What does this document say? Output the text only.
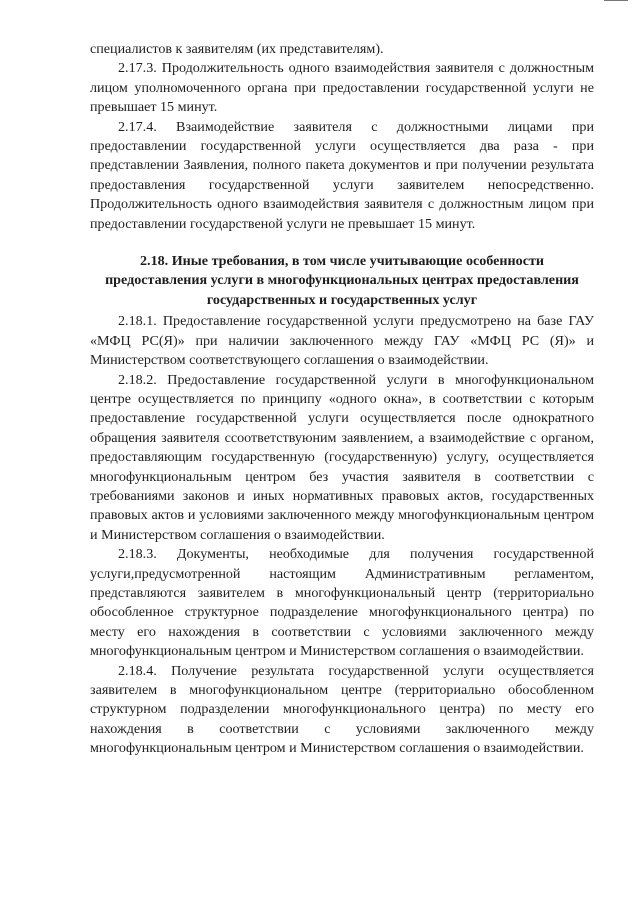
специалистов к заявителям (их представителям).

2.17.3. Продолжительность одного взаимодействия заявителя с должностным лицом уполномоченного органа при предоставлении государственной услуги не превышает 15 минут.

2.17.4. Взаимодействие заявителя с должностными лицами при предоставлении государственной услуги осуществляется два раза - при представлении Заявления, полного пакета документов и при получении результата предоставления государственной услуги заявителем непосредственно. Продолжительность одного взаимодействия заявителя с должностным лицом при предоставлении государственой услуги не превышает 15 минут.

2.18. Иные требования, в том числе учитывающие особенности предоставления услуги в многофункциональных центрах предоставления государственных и государственных услуг

2.18.1. Предоставление государственной услуги предусмотрено на базе ГАУ «МФЦ РС(Я)» при наличии заключенного между ГАУ «МФЦ РС (Я)» и Министерством соответствующего соглашения о взаимодействии.

2.18.2. Предоставление государственной услуги в многофункциональном центре осуществляется по принципу «одного окна», в соответствии с которым предоставление государственной услуги осуществляется после однократного обращения заявителя ссоответствуюним заявлением, а взаимодействие с органом, предоставляющим государственную (государственную) услугу, осуществляется многофункциональным центром без участия заявителя в соответствии с требованиями законов и иных нормативных правовых актов, государственных правовых актов и условиями заключенного между многофункциональным центром и Министерством соглашения о взаимодействии.

2.18.3. Документы, необходимые для получения государственной услуги,предусмотренной настоящим Административным регламентом, представляются заявителем в многофункциональный центр (территориально обособленное структурное подразделение многофункционального центра) по месту его нахождения в соответствии с условиями заключенного между многофункциональным центром и Министерством соглашения о взаимодействии.

2.18.4. Получение результата государственной услуги осуществляется заявителем в многофункциональном центре (территориально обособленном структурном подразделении многофункционального центра) по месту его нахождения в соответствии с условиями заключенного между многофункциональным центром и Министерством соглашения о взаимодействии.
